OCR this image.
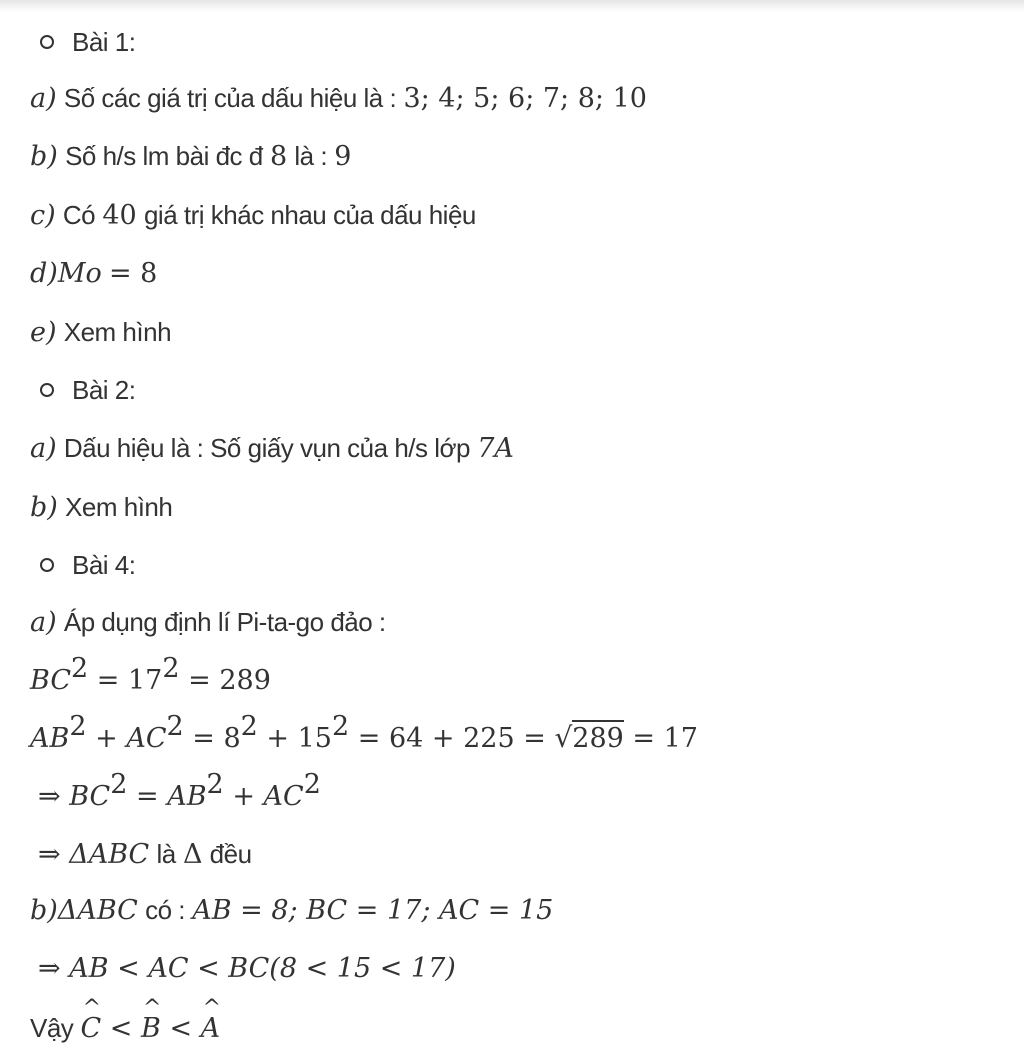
Bài 1:
a) Số các giá trị của dấu hiệu là : 3; 4; 5; 6; 7; 8; 10
b) Số h/s lm bài đc đ 8 là : 9
c) Có 40 giá trị khác nhau của dấu hiệu
d)Mo = 8
e) Xem hình
Bài 2:
a) Dấu hiệu là : Số giấy vụn của h/s lớp 7A
b) Xem hình
Bài 4:
a) Áp dụng định lí Pi-ta-go đảo :
$BC^2 = 17^2 = 289$
$AB^2 + AC^2 = 8^2 + 15^2 = 64 + 225 = √289 = 17$
⇒ $BC^2 = AB^2 + AC^2$
⇒ ΔABC là Δ đều
b)ΔABC có : AB = 8; BC = 17; AC = 15
⇒ AB < AC < BC(8 < 15 < 17)
Vậy ^ C < ^ B < ^ A
